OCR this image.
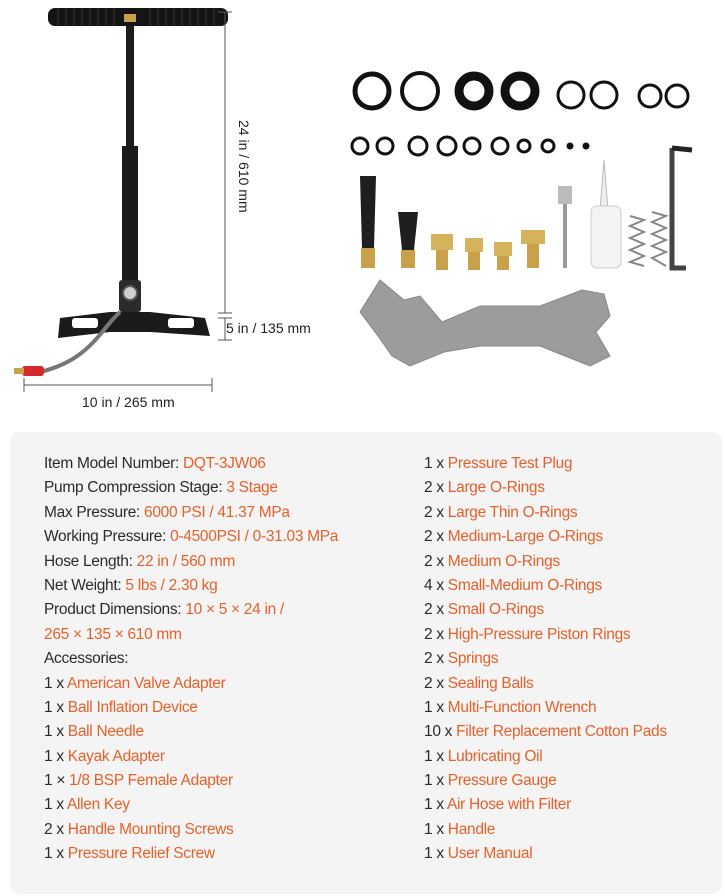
24 in / 610 mm
5 in / 135 mm
10 in / 265 mm
Item Model Number: DQT-3JW06
Pump Compression Stage: 3 Stage
Max Pressure: 6000 PSI / 41.37 MPa
Working Pressure: 0-4500PSI / 0-31.03 MPa
Hose Length: 22 in / 560 mm
Net Weight: 5 lbs / 2.30 kg
Product Dimensions: 10 × 5 × 24 in /
265 × 135 × 610 mm
Accessories:
1 x American Valve Adapter
1 x Ball Inflation Device
1 x Ball Needle
1 x Kayak Adapter
1 × 1/8 BSP Female Adapter
1 x Allen Key
2 x Handle Mounting Screws
1 x Pressure Relief Screw
1 x Pressure Test Plug
2 x Large O-Rings
2 x Large Thin O-Rings
2 x Medium-Large O-Rings
2 x Medium O-Rings
4 x Small-Medium O-Rings
2 x Small O-Rings
2 x High-Pressure Piston Rings
2 x Springs
2 x Sealing Balls
1 x Multi-Function Wrench
10 x Filter Replacement Cotton Pads
1 x Lubricating Oil
1 x Pressure Gauge
1 x Air Hose with Filter
1 x Handle
1 x User Manual
